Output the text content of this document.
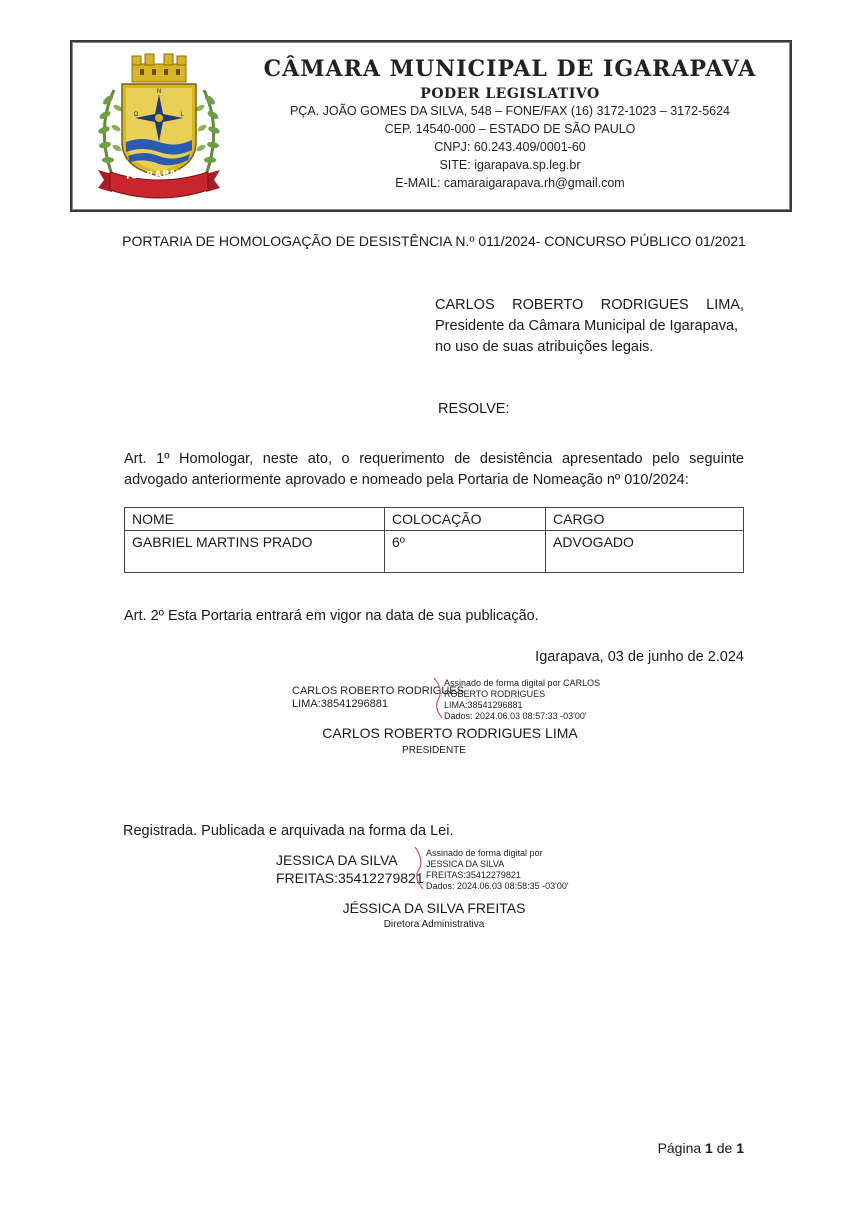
N
O	L
IGARAPAVA
CÂMARA MUNICIPAL DE IGARAPAVA
PODER LEGISLATIVO
PÇA. JOÃO GOMES DA SILVA, 548 – FONE/FAX (16) 3172-1023 – 3172-5624
CEP. 14540-000 – ESTADO DE SÃO PAULO
CNPJ: 60.243.409/0001-60
SITE: igarapava.sp.leg.br
E-MAIL: camaraigarapava.rh@gmail.com
PORTARIA DE HOMOLOGAÇÃO DE DESISTÊNCIA N.º 011/2024- CONCURSO PÚBLICO 01/2021
CARLOS ROBERTO RODRIGUES LIMA,
Presidente da Câmara Municipal de Igarapava,
no uso de suas atribuições legais.
RESOLVE:
Art. 1º Homologar, neste ato, o requerimento de desistência apresentado pelo seguinte
advogado anteriormente aprovado e nomeado pela Portaria de Nomeação nº 010/2024:
NOME	COLOCAÇÃO	CARGO
GABRIEL MARTINS PRADO	6º	ADVOGADO
Art. 2º Esta Portaria entrará em vigor na data de sua publicação.
Igarapava, 03 de junho de 2.024
CARLOS ROBERTO RODRIGUES
LIMA:38541296881
Assinado de forma digital por CARLOS
ROBERTO RODRIGUES
LIMA:38541296881
Dados: 2024.06.03 08:57:33 -03'00'
CARLOS ROBERTO RODRIGUES LIMA
PRESIDENTE
Registrada. Publicada e arquivada na forma da Lei.
JESSICA DA SILVA
FREITAS:35412279821
Assinado de forma digital por
JESSICA DA SILVA
FREITAS:35412279821
Dados: 2024.06.03 08:58:35 -03'00'
JÉSSICA DA SILVA FREITAS
Diretora Administrativa
Página 1 de 1
